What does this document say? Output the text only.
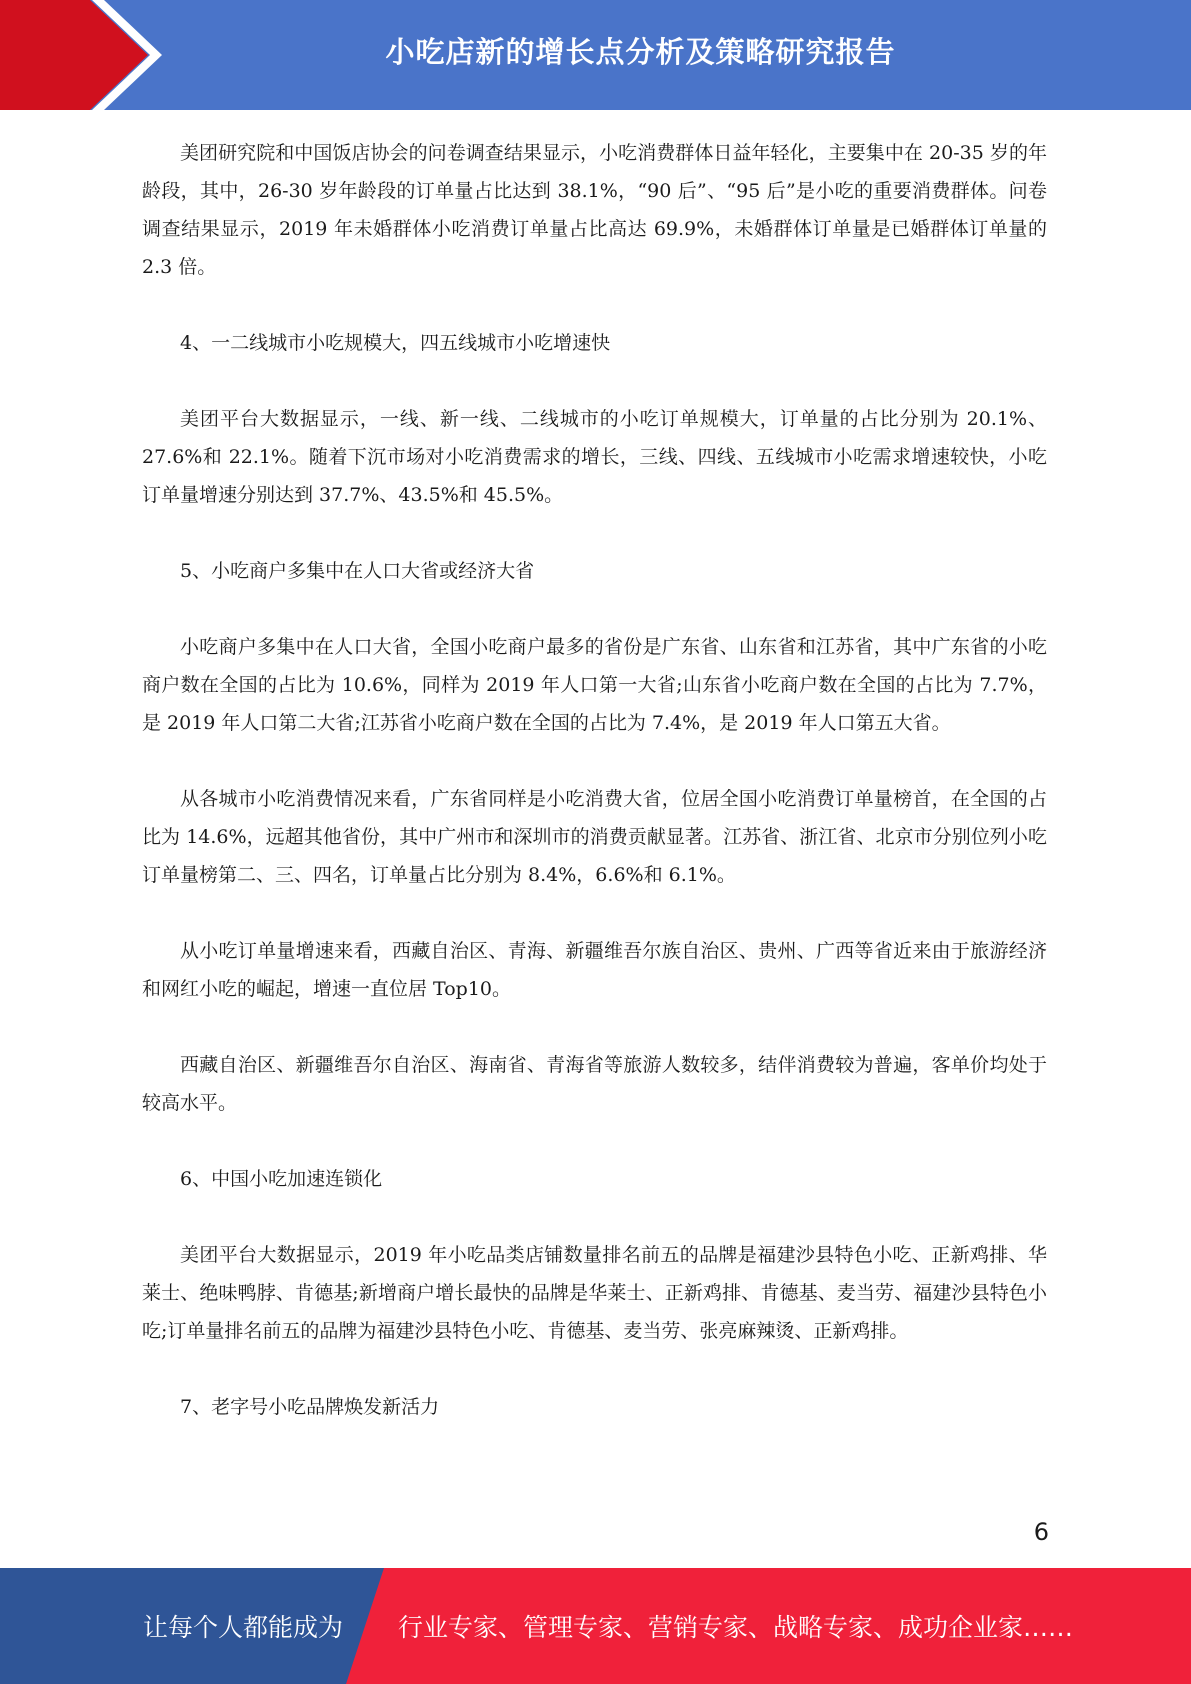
小吃店新的增长点分析及策略研究报告

美团研究院和中国饭店协会的问卷调查结果显示，小吃消费群体日益年轻化，主要集中在 20-35 岁的年龄段，其中，26-30 岁年龄段的订单量占比达到 38.1%，“90 后”、“95 后”是小吃的重要消费群体。问卷调查结果显示，2019 年未婚群体小吃消费订单量占比高达 69.9%，未婚群体订单量是已婚群体订单量的 2.3 倍。

4、一二线城市小吃规模大，四五线城市小吃增速快

美团平台大数据显示，一线、新一线、二线城市的小吃订单规模大，订单量的占比分别为 20.1%、27.6%和 22.1%。随着下沉市场对小吃消费需求的增长，三线、四线、五线城市小吃需求增速较快，小吃订单量增速分别达到 37.7%、43.5%和 45.5%。

5、小吃商户多集中在人口大省或经济大省

小吃商户多集中在人口大省，全国小吃商户最多的省份是广东省、山东省和江苏省，其中广东省的小吃商户数在全国的占比为 10.6%，同样为 2019 年人口第一大省;山东省小吃商户数在全国的占比为 7.7%，是 2019 年人口第二大省;江苏省小吃商户数在全国的占比为 7.4%，是 2019 年人口第五大省。

从各城市小吃消费情况来看，广东省同样是小吃消费大省，位居全国小吃消费订单量榜首，在全国的占比为 14.6%，远超其他省份，其中广州市和深圳市的消费贡献显著。江苏省、浙江省、北京市分别位列小吃订单量榜第二、三、四名，订单量占比分别为 8.4%，6.6%和 6.1%。

从小吃订单量增速来看，西藏自治区、青海、新疆维吾尔族自治区、贵州、广西等省近来由于旅游经济和网红小吃的崛起，增速一直位居 Top10。

西藏自治区、新疆维吾尔自治区、海南省、青海省等旅游人数较多，结伴消费较为普遍，客单价均处于较高水平。

6、中国小吃加速连锁化

美团平台大数据显示，2019 年小吃品类店铺数量排名前五的品牌是福建沙县特色小吃、正新鸡排、华莱士、绝味鸭脖、肯德基;新增商户增长最快的品牌是华莱士、正新鸡排、肯德基、麦当劳、福建沙县特色小吃;订单量排名前五的品牌为福建沙县特色小吃、肯德基、麦当劳、张亮麻辣烫、正新鸡排。

7、老字号小吃品牌焕发新活力

6
让每个人都能成为 行业专家、管理专家、营销专家、战略专家、成功企业家……
